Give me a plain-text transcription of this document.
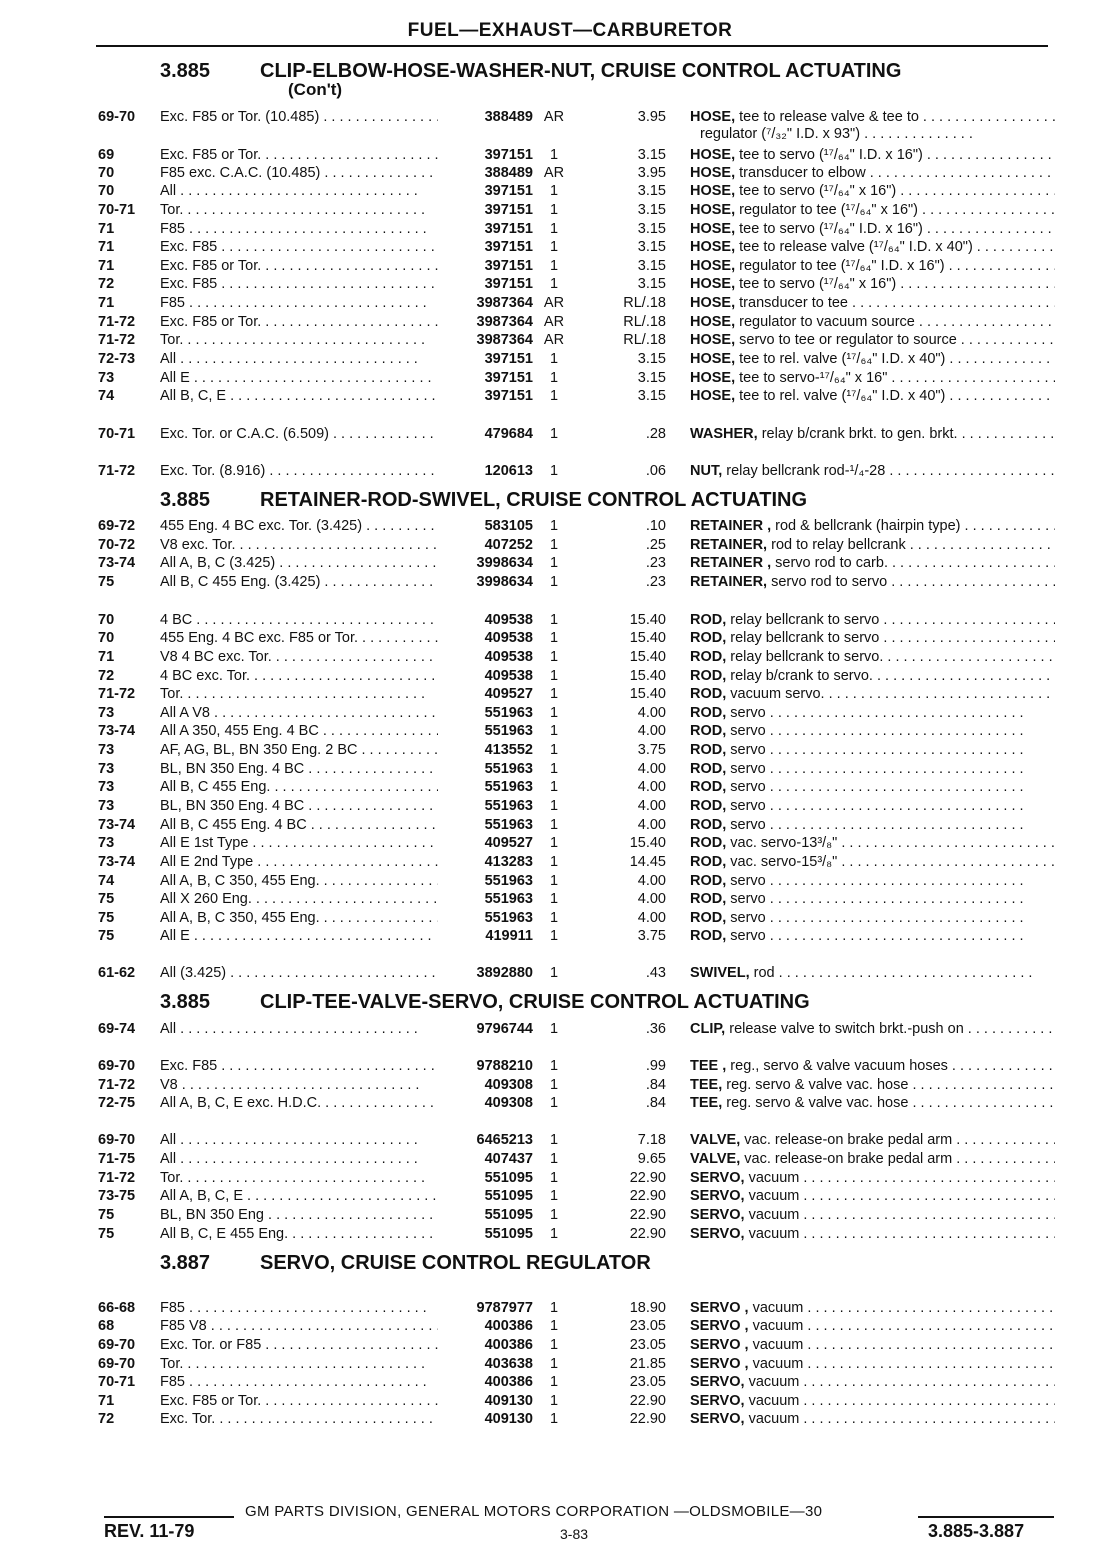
FUEL—EXHAUST—CARBURETOR
3.885 CLIP-ELBOW-HOSE-WASHER-NUT, CRUISE CONTROL ACTUATING
(Con't)
69-70 Exc. F85 or Tor. (10.485) . . .	388489 AR	3.95 HOSE, tee to release valve & tee to . . .
regulator (⁷/₃₂" I.D. x 93") . . .
69	Exc. F85 or Tor. . . .	397151	1	3.15 HOSE, tee to servo (¹⁷/₆₄" I.D. x 16") . . .
70	F85 exc. C.A.C. (10.485) . . .	388489 AR	3.95 HOSE, transducer to elbow . . .
70	All . . .	397151	1	3.15 HOSE, tee to servo (¹⁷/₆₄" x 16") . . .
70-71 Tor. . . .	397151	1	3.15 HOSE, regulator to tee (¹⁷/₆₄" x 16") . . .
71	F85 . . .	397151	1	3.15 HOSE, tee to servo (¹⁷/₆₄" I.D. x 16") . . .
71	Exc. F85 . . .	397151	1	3.15 HOSE, tee to release valve (¹⁷/₆₄" I.D. x 40") . . .
71	Exc. F85 or Tor. . . .	397151	1	3.15 HOSE, regulator to tee (¹⁷/₆₄" I.D. x 16") . . .
72	Exc. F85 . . .	397151	1	3.15 HOSE, tee to servo (¹⁷/₆₄" x 16") . . .
71	F85 . . .	3987364 AR	RL/.18 HOSE, transducer to tee . . .
71-72 Exc. F85 or Tor. . . .	3987364 AR	RL/.18 HOSE, regulator to vacuum source . . .
71-72 Tor. . . .	3987364 AR	RL/.18 HOSE, servo to tee or regulator to source . . .
72-73 All . . .	397151	1	3.15 HOSE, tee to rel. valve (¹⁷/₆₄" I.D. x 40") . . .
73	All E . . .	397151	1	3.15 HOSE, tee to servo-¹⁷/₆₄" x 16" . . .
74	All B, C, E . . .	397151	1	3.15 HOSE, tee to rel. valve (¹⁷/₆₄" I.D. x 40") . . .
70-71 Exc. Tor. or C.A.C. (6.509) . . .	479684	1	.28 WASHER, relay b/crank brkt. to gen. brkt. . . .
71-72 Exc. Tor. (8.916) . . .	120613	1	.06 NUT, relay bellcrank rod-¹/₄-28 . . .
3.885 RETAINER-ROD-SWIVEL, CRUISE CONTROL ACTUATING
69-72 455 Eng. 4 BC exc. Tor. (3.425) . . .	583105	1	.10 RETAINER , rod & bellcrank (hairpin type) . . .
70-72 V8 exc. Tor. . . .	407252	1	.25 RETAINER, rod to relay bellcrank . . .
73-74 All A, B, C (3.425) . . .	3998634	1	.23 RETAINER , servo rod to carb. . . .
75	All B, C 455 Eng. (3.425) . . .	3998634	1	.23 RETAINER, servo rod to servo . . .
70	4 BC . . .	409538	1	15.40 ROD, relay bellcrank to servo . . .
70	455 Eng. 4 BC exc. F85 or Tor. . . .	409538	1	15.40 ROD, relay bellcrank to servo . . .
71	V8 4 BC exc. Tor. . . .	409538	1	15.40 ROD, relay bellcrank to servo. . . .
72	4 BC exc. Tor. . . .	409538	1	15.40 ROD, relay b/crank to servo. . . .
71-72 Tor. . . .	409527	1	15.40 ROD, vacuum servo. . . .
73	All A V8 . . .	551963	1	4.00 ROD, servo . . .
73-74 All A 350, 455 Eng. 4 BC . . .	551963	1	4.00 ROD, servo . . .
73	AF, AG, BL, BN 350 Eng. 2 BC . . .	413552	1	3.75 ROD, servo . . .
73	BL, BN 350 Eng. 4 BC . . .	551963	1	4.00 ROD, servo . . .
73	All B, C 455 Eng. . . .	551963	1	4.00 ROD, servo . . .
73	BL, BN 350 Eng. 4 BC . . .	551963	1	4.00 ROD, servo . . .
73-74 All B, C 455 Eng. 4 BC . . .	551963	1	4.00 ROD, servo . . .
73	All E 1st Type . . .	409527	1	15.40 ROD, vac. servo-13³/₈" . . .
73-74 All E 2nd Type . . .	413283	1	14.45 ROD, vac. servo-15³/₈" . . .
74	All A, B, C 350, 455 Eng. . . .	551963	1	4.00 ROD, servo . . .
75	All X 260 Eng. . . .	551963	1	4.00 ROD, servo . . .
75	All A, B, C 350, 455 Eng. . . .	551963	1	4.00 ROD, servo . . .
75	All E . . .	419911	1	3.75 ROD, servo . . .
61-62 All (3.425) . . .	3892880	1	.43 SWIVEL, rod . . .
3.885 CLIP-TEE-VALVE-SERVO, CRUISE CONTROL ACTUATING
69-74 All . . .	9796744	1	.36 CLIP, release valve to switch brkt.-push on . . .
69-70 Exc. F85 . . .	9788210	1	.99 TEE , reg., servo & valve vacuum hoses . . .
71-72 V8 . . .	409308	1	.84 TEE, reg. servo & valve vac. hose . . .
72-75 All A, B, C, E exc. H.D.C. . . .	409308	1	.84 TEE, reg. servo & valve vac. hose . . .
69-70 All . . .	6465213	1	7.18 VALVE, vac. release-on brake pedal arm . . .
71-75 All . . .	407437	1	9.65 VALVE, vac. release-on brake pedal arm . . .
71-72 Tor. . . .	551095	1	22.90 SERVO, vacuum . . .
73-75 All A, B, C, E . . .	551095	1	22.90 SERVO, vacuum . . .
75	BL, BN 350 Eng . . .	551095	1	22.90 SERVO, vacuum . . .
75	All B, C, E 455 Eng. . . .	551095	1	22.90 SERVO, vacuum . . .
3.887 SERVO, CRUISE CONTROL REGULATOR
66-68 F85 . . .	9787977	1	18.90 SERVO , vacuum . . .
68	F85 V8 . . .	400386	1	23.05 SERVO , vacuum . . .
69-70 Exc. Tor. or F85 . . .	400386	1	23.05 SERVO , vacuum . . .
69-70 Tor. . . .	403638	1	21.85 SERVO , vacuum . . .
70-71 F85 . . .	400386	1	23.05 SERVO, vacuum . . .
71	Exc. F85 or Tor. . . .	409130	1	22.90 SERVO, vacuum . . .
72	Exc. Tor. . . .	409130	1	22.90 SERVO, vacuum . . .
GM PARTS DIVISION, GENERAL MOTORS CORPORATION —OLDSMOBILE—30
REV. 11-79	3-83	3.885-3.887
